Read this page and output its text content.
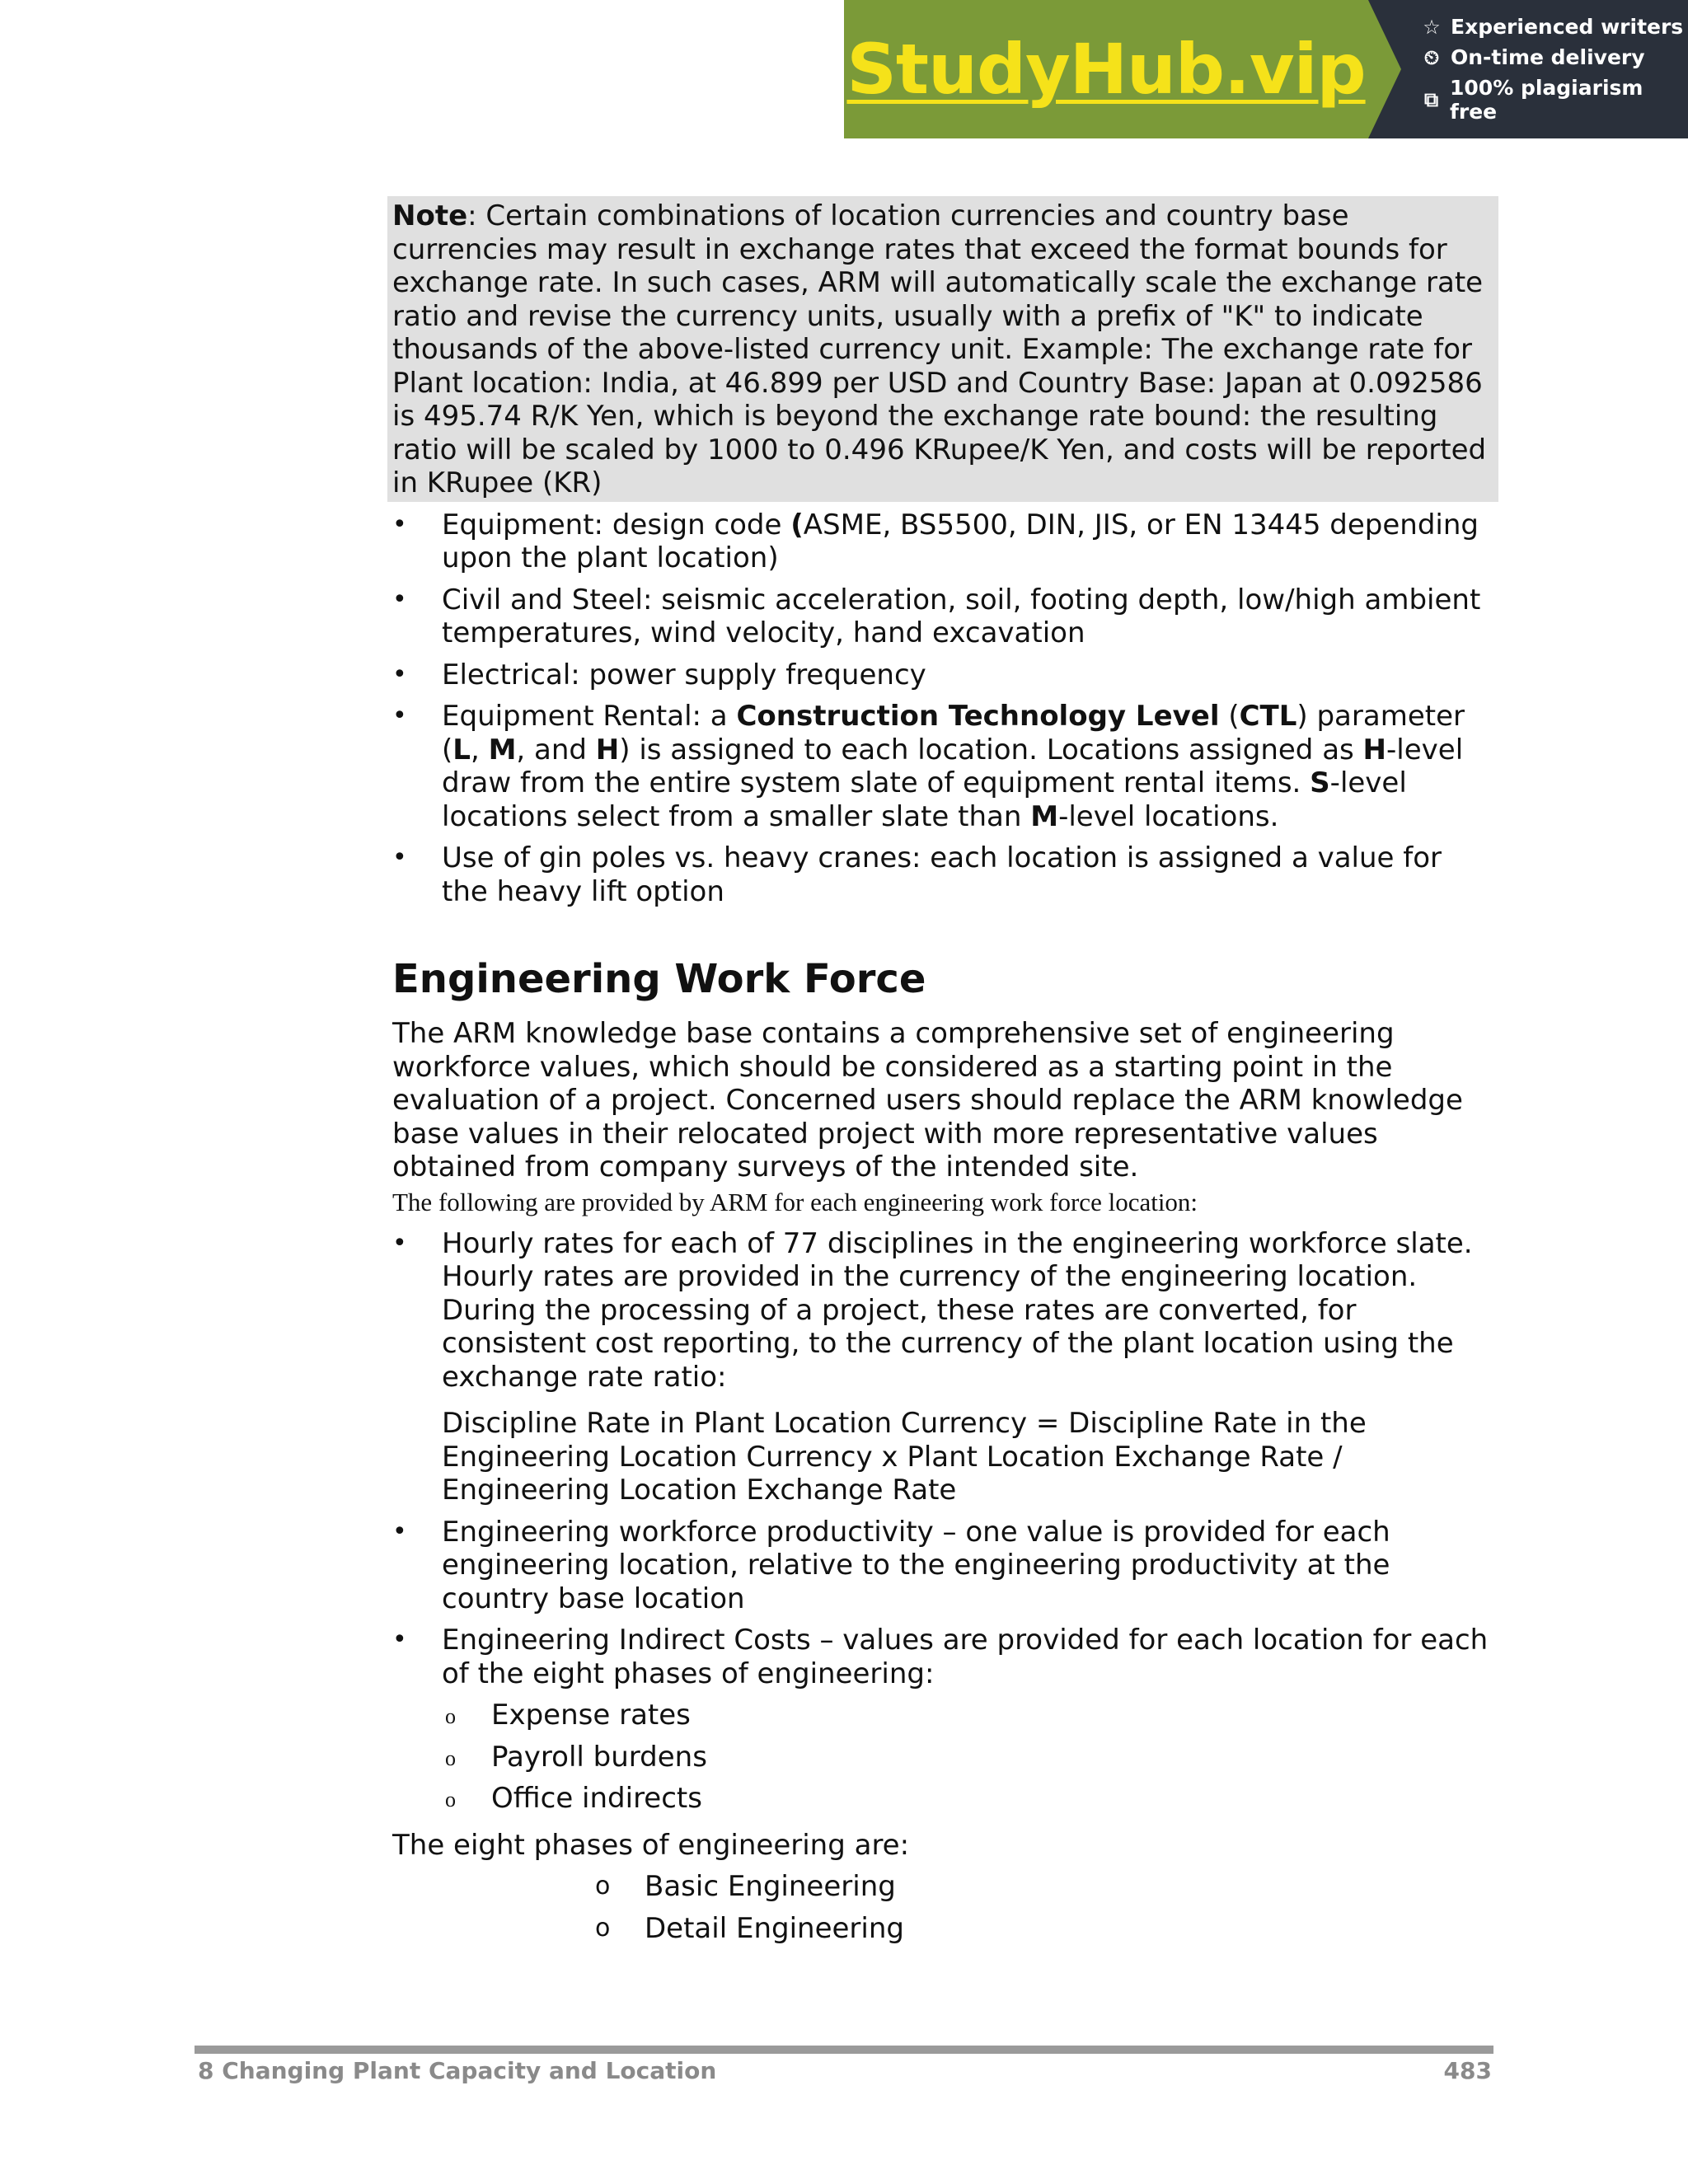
StudyHub.vip
☆ Experienced writers
⏲ On-time delivery
⧉ 100% plagiarism free
Note: Certain combinations of location currencies and country base currencies may result in exchange rates that exceed the format bounds for exchange rate. In such cases, ARM will automatically scale the exchange rate ratio and revise the currency units, usually with a prefix of "K" to indicate thousands of the above-listed currency unit. Example: The exchange rate for Plant location: India, at 46.899 per USD and Country Base: Japan at 0.092586 is 495.74 R/K Yen, which is beyond the exchange rate bound: the resulting ratio will be scaled by 1000 to 0.496 KRupee/K Yen, and costs will be reported in KRupee (KR)
• Equipment: design code (ASME, BS5500, DIN, JIS, or EN 13445 depending upon the plant location)
• Civil and Steel: seismic acceleration, soil, footing depth, low/high ambient temperatures, wind velocity, hand excavation
• Electrical: power supply frequency
• Equipment Rental: a Construction Technology Level (CTL) parameter (L, M, and H) is assigned to each location. Locations assigned as H-level draw from the entire system slate of equipment rental items. S-level locations select from a smaller slate than M-level locations.
• Use of gin poles vs. heavy cranes: each location is assigned a value for the heavy lift option
Engineering Work Force

The ARM knowledge base contains a comprehensive set of engineering workforce values, which should be considered as a starting point in the evaluation of a project. Concerned users should replace the ARM knowledge base values in their relocated project with more representative values obtained from company surveys of the intended site.

The following are provided by ARM for each engineering work force location:

• Hourly rates for each of 77 disciplines in the engineering workforce slate. Hourly rates are provided in the currency of the engineering location. During the processing of a project, these rates are converted, for consistent cost reporting, to the currency of the plant location using the exchange rate ratio:
Discipline Rate in Plant Location Currency = Discipline Rate in the Engineering Location Currency x Plant Location Exchange Rate / Engineering Location Exchange Rate
• Engineering workforce productivity – one value is provided for each engineering location, relative to the engineering productivity at the country base location
• Engineering Indirect Costs – values are provided for each location for each of the eight phases of engineering:
o Expense rates
o Payroll burdens
o Office indirects

The eight phases of engineering are:

o Basic Engineering
o Detail Engineering
8 Changing Plant Capacity and Location	483
